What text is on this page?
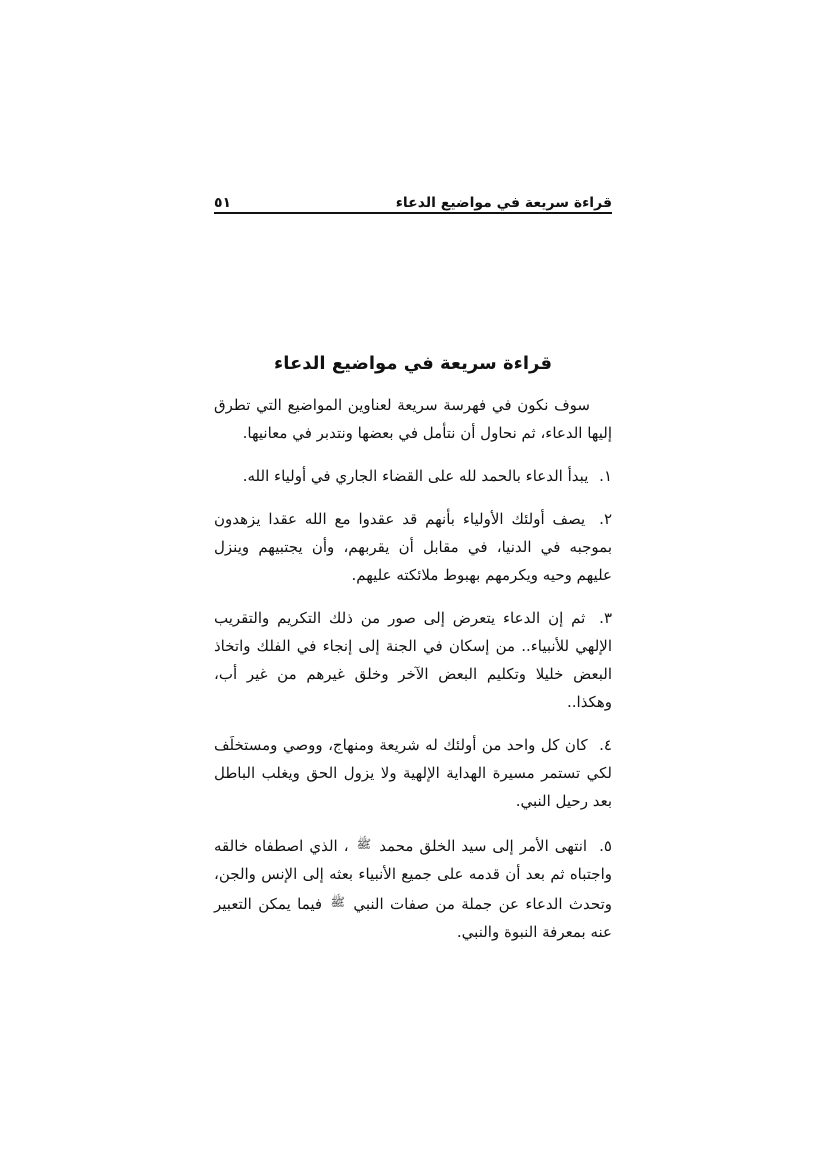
قراءة سريعة في مواضيع الدعاء
٥١
قراءة سريعة في مواضيع الدعاء

سوف نكون في فهرسة سريعة لعناوين المواضيع التي تطرق إليها الدعاء، ثم نحاول أن نتأمل في بعضها ونتدبر في معانيها.

١. يبدأ الدعاء بالحمد لله على القضاء الجاري في أولياء الله.

٢. يصف أولئك الأولياء بأنهم قد عقدوا مع الله عقدا يزهدون بموجبه في الدنيا، في مقابل أن يقربهم، وأن يجتبيهم وينزل عليهم وحيه ويكرمهم بهبوط ملائكته عليهم.

٣. ثم إن الدعاء يتعرض إلى صور من ذلك التكريم والتقريب الإلهي للأنبياء.. من إسكان في الجنة إلى إنجاء في الفلك واتخاذ البعض خليلا وتكليم البعض الآخر وخلق غيرهم من غير أب، وهكذا..

٤. كان كل واحد من أولئك له شريعة ومنهاج، ووصي ومستخلَف لكي تستمر مسيرة الهداية الإلهية ولا يزول الحق ويغلب الباطل بعد رحيل النبي.

٥. انتهى الأمر إلى سيد الخلق محمد $^ﷺ$ ، الذي اصطفاه خالقه واجتباه ثم بعد أن قدمه على جميع الأنبياء بعثه إلى الإنس والجن، وتحدث الدعاء عن جملة من صفات النبي $^ﷺ$ فيما يمكن التعبير عنه بمعرفة النبوة والنبي.
